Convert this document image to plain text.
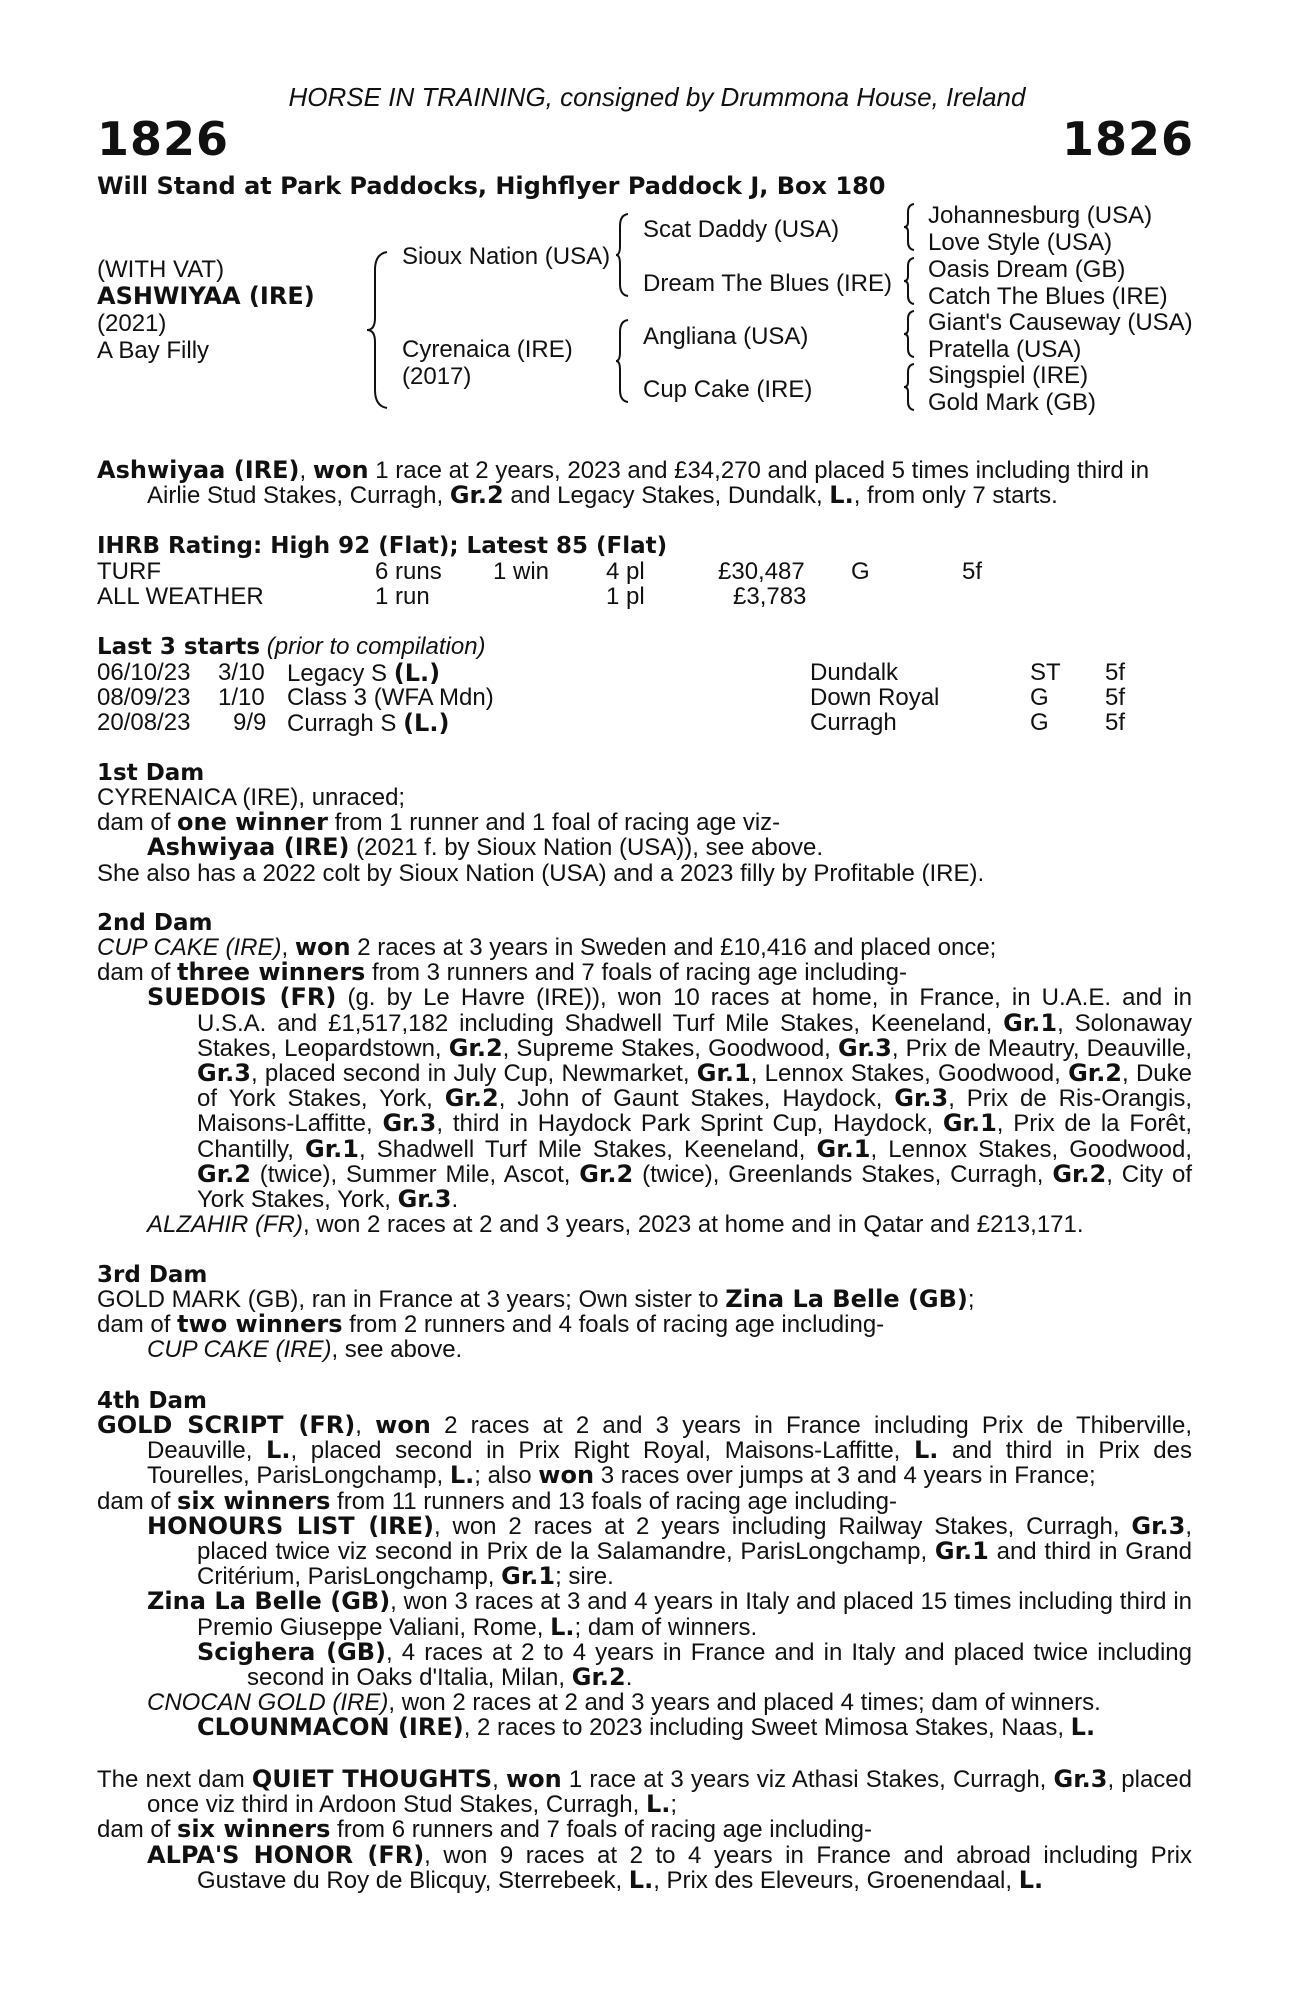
HORSE IN TRAINING, consigned by Drummona House, Ireland
1826	1826
Will Stand at Park Paddocks, Highflyer Paddock J, Box 180
(WITH VAT)
ASHWIYAA (IRE)
(2021)
A Bay Filly
Sioux Nation (USA)
Cyrenaica (IRE)
(2017)
Scat Daddy (USA)
Dream The Blues (IRE)
Angliana (USA)
Cup Cake (IRE)
Johannesburg (USA)
Love Style (USA)
Oasis Dream (GB)
Catch The Blues (IRE)
Giant's Causeway (USA)
Pratella (USA)
Singspiel (IRE)
Gold Mark (GB)

Ashwiyaa (IRE), won 1 race at 2 years, 2023 and £34,270 and placed 5 times including third in Airlie Stud Stakes, Curragh, Gr.2 and Legacy Stakes, Dundalk, L., from only 7 starts.

IHRB Rating: High 92 (Flat); Latest 85 (Flat)
TURF	6 runs 1 win 4 pl	£30,487 G	5f
ALL WEATHER	1 run	1 pl	£3,783
Last 3 starts (prior to compilation)
06/10/23 3/10 Legacy S (L.)	Dundalk	ST 5f
08/09/23 1/10 Class 3 (WFA Mdn)	Down Royal	G 5f
20/08/23 9/9 Curragh S (L.)	Curragh	G 5f
1st Dam

CYRENAICA (IRE), unraced;

dam of one winner from 1 runner and 1 foal of racing age viz-

Ashwiyaa (IRE) (2021 f. by Sioux Nation (USA)), see above.

She also has a 2022 colt by Sioux Nation (USA) and a 2023 filly by Profitable (IRE).

2nd Dam

CUP CAKE (IRE), won 2 races at 3 years in Sweden and £10,416 and placed once;

dam of three winners from 3 runners and 7 foals of racing age including-

SUEDOIS (FR) (g. by Le Havre (IRE)), won 10 races at home, in France, in U.A.E. and in U.S.A. and £1,517,182 including Shadwell Turf Mile Stakes, Keeneland, Gr.1, Solonaway Stakes, Leopardstown, Gr.2, Supreme Stakes, Goodwood, Gr.3, Prix de Meautry, Deauville, Gr.3, placed second in July Cup, Newmarket, Gr.1, Lennox Stakes, Goodwood, Gr.2, Duke of York Stakes, York, Gr.2, John of Gaunt Stakes, Haydock, Gr.3, Prix de Ris-Orangis, Maisons-Laffitte, Gr.3, third in Haydock Park Sprint Cup, Haydock, Gr.1, Prix de la Forêt, Chantilly, Gr.1, Shadwell Turf Mile Stakes, Keeneland, Gr.1, Lennox Stakes, Goodwood, Gr.2 (twice), Summer Mile, Ascot, Gr.2 (twice), Greenlands Stakes, Curragh, Gr.2, City of York Stakes, York, Gr.3.

ALZAHIR (FR), won 2 races at 2 and 3 years, 2023 at home and in Qatar and £213,171.

3rd Dam

GOLD MARK (GB), ran in France at 3 years; Own sister to Zina La Belle (GB);

dam of two winners from 2 runners and 4 foals of racing age including-

CUP CAKE (IRE), see above.

4th Dam

GOLD SCRIPT (FR), won 2 races at 2 and 3 years in France including Prix de Thiberville, Deauville, L., placed second in Prix Right Royal, Maisons-Laffitte, L. and third in Prix des Tourelles, ParisLongchamp, L.; also won 3 races over jumps at 3 and 4 years in France;

dam of six winners from 11 runners and 13 foals of racing age including-

HONOURS LIST (IRE), won 2 races at 2 years including Railway Stakes, Curragh, Gr.3, placed twice viz second in Prix de la Salamandre, ParisLongchamp, Gr.1 and third in Grand Critérium, ParisLongchamp, Gr.1; sire.

Zina La Belle (GB), won 3 races at 3 and 4 years in Italy and placed 15 times including third in Premio Giuseppe Valiani, Rome, L.; dam of winners.

Scighera (GB), 4 races at 2 to 4 years in France and in Italy and placed twice including second in Oaks d'Italia, Milan, Gr.2.

CNOCAN GOLD (IRE), won 2 races at 2 and 3 years and placed 4 times; dam of winners.

CLOUNMACON (IRE), 2 races to 2023 including Sweet Mimosa Stakes, Naas, L.

The next dam QUIET THOUGHTS, won 1 race at 3 years viz Athasi Stakes, Curragh, Gr.3, placed once viz third in Ardoon Stud Stakes, Curragh, L.;

dam of six winners from 6 runners and 7 foals of racing age including-

ALPA'S HONOR (FR), won 9 races at 2 to 4 years in France and abroad including Prix Gustave du Roy de Blicquy, Sterrebeek, L., Prix des Eleveurs, Groenendaal, L.
